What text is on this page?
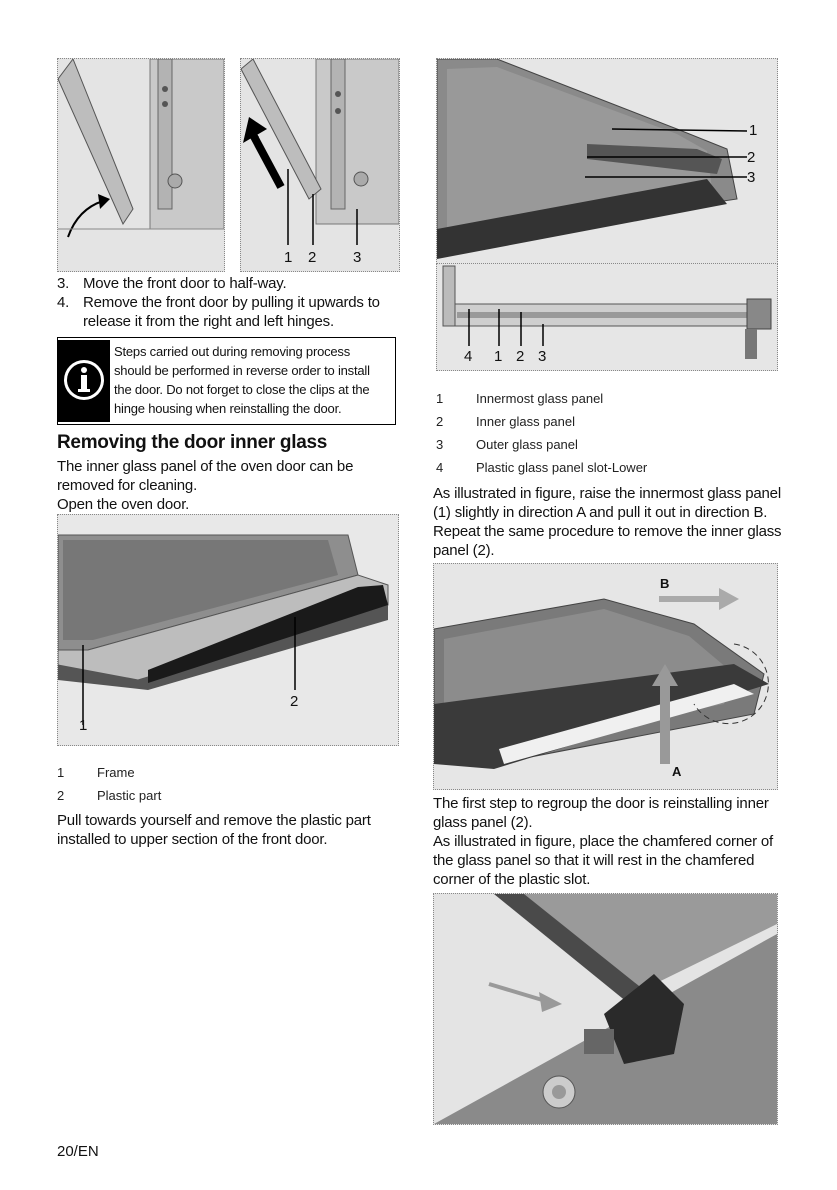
1 2 3
3. Move the front door to half-way.
4. Remove the front door by pulling it upwards to
release it from the right and left hinges.
Steps carried out during removing process
should be performed in reverse order to install
the door. Do not forget to close the clips at the
hinge housing when reinstalling the door.
Removing the door inner glass
The inner glass panel of the oven door can be
removed for cleaning.
Open the oven door.
2
1
1	Frame
2	Plastic part
Pull towards yourself and remove the plastic part
installed to upper section of the front door.
1
2
3
4 1 2 3
1	Innermost glass panel
2	Inner glass panel
3	Outer glass panel
4	Plastic glass panel slot-Lower
As illustrated in figure, raise the innermost glass panel
(1) slightly in direction A and pull it out in direction B.
Repeat the same procedure to remove the inner glass
panel (2).
B
A
The first step to regroup the door is reinstalling inner
glass panel (2).
As illustrated in figure, place the chamfered corner of
the glass panel so that it will rest in the chamfered
corner of the plastic slot.
20/EN
